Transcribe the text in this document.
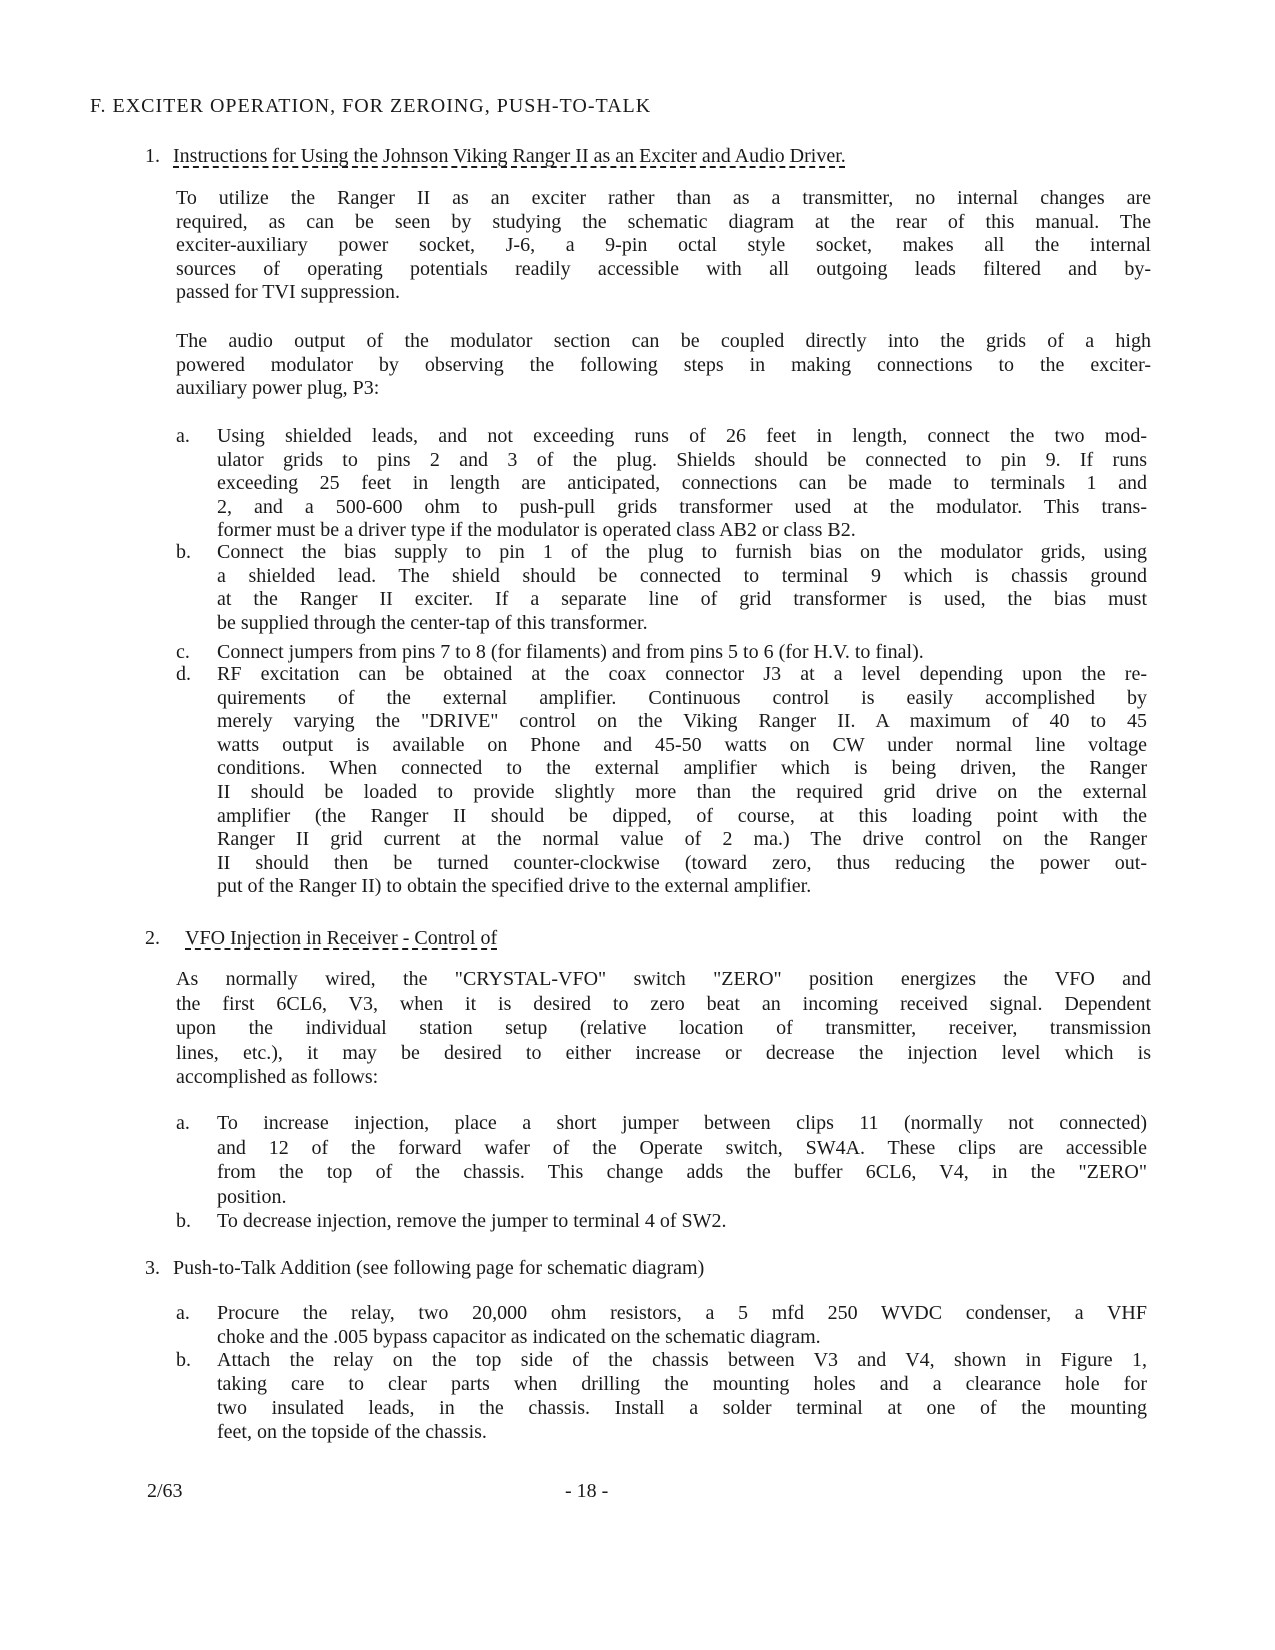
F. EXCITER OPERATION, FOR ZEROING, PUSH-TO-TALK
1. Instructions for Using the Johnson Viking Ranger II as an Exciter and Audio Driver.
To utilize the Ranger II as an exciter rather than as a transmitter, no internal changes are
required, as can be seen by studying the schematic diagram at the rear of this manual. The
exciter-auxiliary power socket, J-6, a 9-pin octal style socket, makes all the internal
sources of operating potentials readily accessible with all outgoing leads filtered and by-
passed for TVI suppression.
The audio output of the modulator section can be coupled directly into the grids of a high
powered modulator by observing the following steps in making connections to the exciter-
auxiliary power plug, P3:
a. Using shielded leads, and not exceeding runs of 26 feet in length, connect the two mod-
ulator grids to pins 2 and 3 of the plug. Shields should be connected to pin 9. If runs
exceeding 25 feet in length are anticipated, connections can be made to terminals 1 and
2, and a 500-600 ohm to push-pull grids transformer used at the modulator. This trans-
former must be a driver type if the modulator is operated class AB2 or class B2.
b. Connect the bias supply to pin 1 of the plug to furnish bias on the modulator grids, using
a shielded lead. The shield should be connected to terminal 9 which is chassis ground
at the Ranger II exciter. If a separate line of grid transformer is used, the bias must
be supplied through the center-tap of this transformer.
c. Connect jumpers from pins 7 to 8 (for filaments) and from pins 5 to 6 (for H.V. to final).
d. RF excitation can be obtained at the coax connector J3 at a level depending upon the re-
quirements of the external amplifier. Continuous control is easily accomplished by
merely varying the "DRIVE" control on the Viking Ranger II. A maximum of 40 to 45
watts output is available on Phone and 45-50 watts on CW under normal line voltage
conditions. When connected to the external amplifier which is being driven, the Ranger
II should be loaded to provide slightly more than the required grid drive on the external
amplifier (the Ranger II should be dipped, of course, at this loading point with the
Ranger II grid current at the normal value of 2 ma.) The drive control on the Ranger
II should then be turned counter-clockwise (toward zero, thus reducing the power out-
put of the Ranger II) to obtain the specified drive to the external amplifier.
2. VFO Injection in Receiver - Control of
As normally wired, the "CRYSTAL-VFO" switch "ZERO" position energizes the VFO and
the first 6CL6, V3, when it is desired to zero beat an incoming received signal. Dependent
upon the individual station setup (relative location of transmitter, receiver, transmission
lines, etc.), it may be desired to either increase or decrease the injection level which is
accomplished as follows:
a. To increase injection, place a short jumper between clips 11 (normally not connected)
and 12 of the forward wafer of the Operate switch, SW4A. These clips are accessible
from the top of the chassis. This change adds the buffer 6CL6, V4, in the "ZERO"
position.
b. To decrease injection, remove the jumper to terminal 4 of SW2.
3. Push-to-Talk Addition (see following page for schematic diagram)
a. Procure the relay, two 20,000 ohm resistors, a 5 mfd 250 WVDC condenser, a VHF
choke and the .005 bypass capacitor as indicated on the schematic diagram.
b. Attach the relay on the top side of the chassis between V3 and V4, shown in Figure 1,
taking care to clear parts when drilling the mounting holes and a clearance hole for
two insulated leads, in the chassis. Install a solder terminal at one of the mounting
feet, on the topside of the chassis.
2/63	- 18 -
